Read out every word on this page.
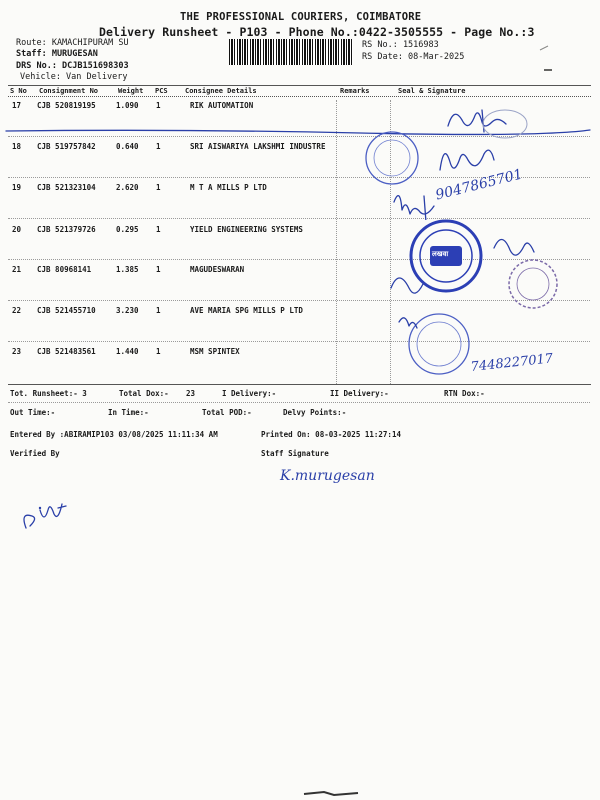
THE PROFESSIONAL COURIERS, COIMBATORE
Delivery Runsheet - P103 - Phone No.:0422-3505555 - Page No.:3
Route: KAMACHIPURAM SU
Staff: MURUGESAN
DRS No.: DCJB151698303
Vehicle: Van Delivery
RS No.: 1516983
RS Date: 08-Mar-2025
S No Consignment No	Weight PCS Consignee Details	Remarks	Seal & Signature
17 CJB 520819195	1.090 1	RIK AUTOMATION
18 CJB 519757842	0.640 1	SRI AISWARIYA LAKSHMI INDUSTRE
19 CJB 521323104	2.620 1	M T A MILLS P LTD
20 CJB 521379726	0.295 1	YIELD ENGINEERING SYSTEMS
21 CJB 80968141	1.385 1	MAGUDESWARAN
22 CJB 521455710	3.230 1	AVE MARIA SPG MILLS P LTD
23 CJB 521483561	1.440 1	MSM SPINTEX
9047865701
लखवा
7448227017
Tot. Runsheet:- 3	Total Dox:- 23	I Delivery:-	II Delivery:-	RTN Dox:-
Out Time:-	In Time:-	Total POD:-	Delvy Points:-
Entered By :ABIRAMIP103 03/08/2025 11:11:34 AM	Printed On: 08-03-2025 11:27:14
Verified By	Staff Signature
K.murugesan
